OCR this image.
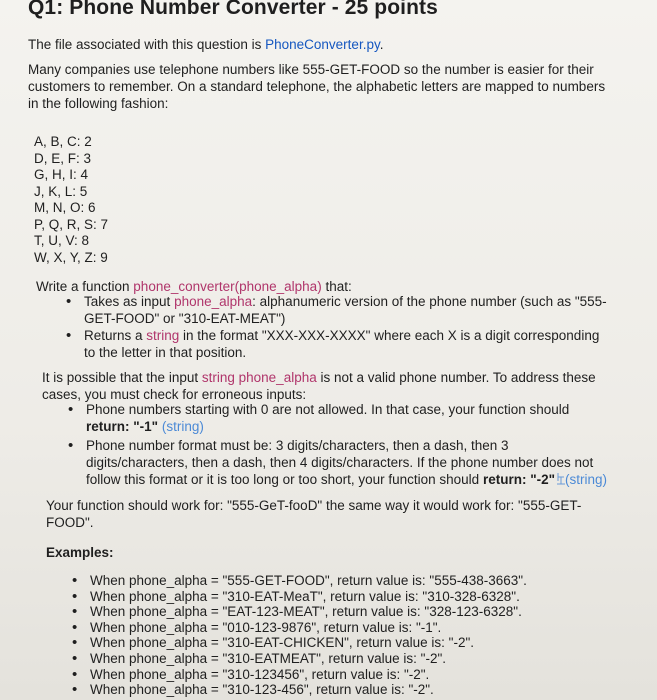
Q1: Phone Number Converter - 25 points
The file associated with this question is PhoneConverter.py.
Many companies use telephone numbers like 555-GET-FOOD so the number is easier for their customers to remember. On a standard telephone, the alphabetic letters are mapped to numbers in the following fashion:
A, B, C: 2
D, E, F: 3
G, H, I: 4
J, K, L: 5
M, N, O: 6
P, Q, R, S: 7
T, U, V: 8
W, X, Y, Z: 9
Write a function phone_converter(phone_alpha) that:
• Takes as input phone_alpha: alphanumeric version of the phone number (such as "555-GET-FOOD" or "310-EAT-MEAT")
• Returns a string in the format "XXX-XXX-XXXX" where each X is a digit corresponding to the letter in that position.
It is possible that the input string phone_alpha is not a valid phone number. To address these cases, you must check for erroneous inputs:
• Phone numbers starting with 0 are not allowed. In that case, your function should return: "-1" (string)
• Phone number format must be: 3 digits/characters, then a dash, then 3 digits/characters, then a dash, then 4 digits/characters. If the phone number does not follow this format or it is too long or too short, your function should return: "-2" (string)
Your function should work for: "555-GeT-fooD" the same way it would work for: "555-GET-FOOD".
Examples:
• When phone_alpha = "555-GET-FOOD", return value is: "555-438-3663".
• When phone_alpha = "310-EAT-MeaT", return value is: "310-328-6328".
• When phone_alpha = "EAT-123-MEAT", return value is: "328-123-6328".
• When phone_alpha = "010-123-9876", return value is: "-1".
• When phone_alpha = "310-EAT-CHICKEN", return value is: "-2".
• When phone_alpha = "310-EATMEAT", return value is: "-2".
• When phone_alpha = "310-123456", return value is: "-2".
• When phone_alpha = "310-123-456", return value is: "-2".
